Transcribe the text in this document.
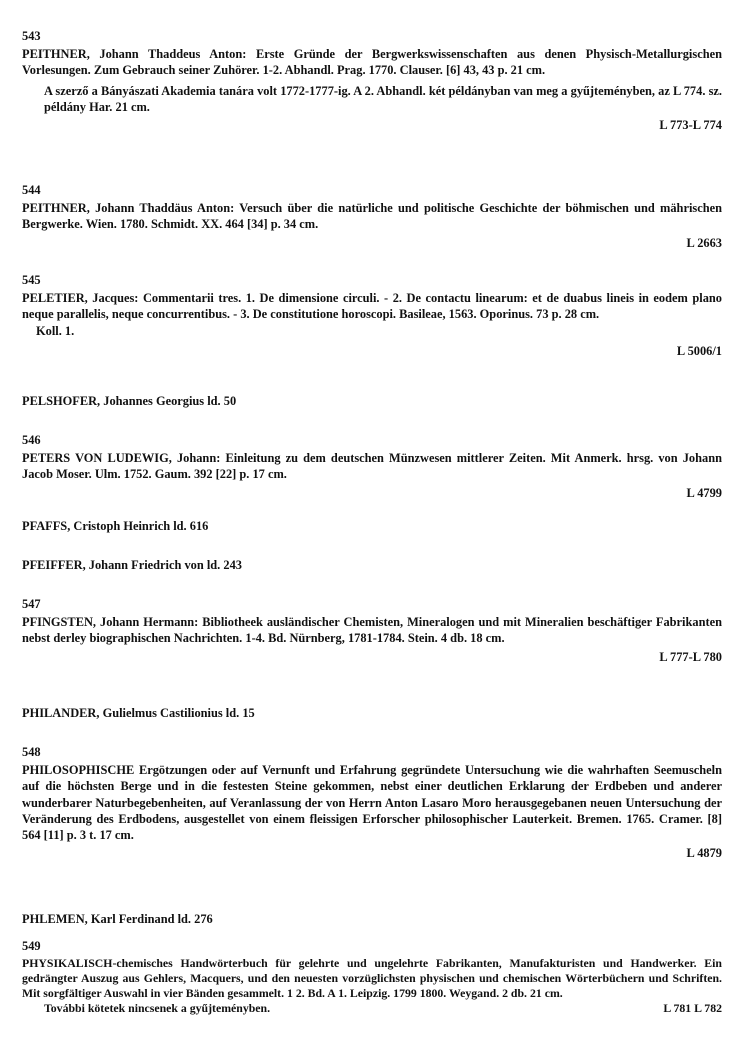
543
PEITHNER, Johann Thaddeus Anton: Erste Gründe der Bergwerkswissenschaften aus denen Physisch-Metallurgischen Vorlesungen. Zum Gebrauch seiner Zuhörer. 1-2. Abhandl. Prag. 1770. Clauser. [6] 43, 43 p. 21 cm.
A szerző a Bányászati Akademia tanára volt 1772-1777-ig. A 2. Abhandl. két példányban van meg a gyűjteményben, az L 774. sz. példány Har. 21 cm.
L 773-L 774
544
PEITHNER, Johann Thaddäus Anton: Versuch über die natürliche und politische Geschichte der böhmischen und mährischen Bergwerke. Wien. 1780. Schmidt. XX. 464 [34] p. 34 cm.
L 2663
545
PELETIER, Jacques: Commentarii tres. 1. De dimensione circuli. - 2. De contactu linearum: et de duabus lineis in eodem plano neque parallelis, neque concurrentibus. - 3. De constitutione horoscopi. Basileae, 1563. Oporinus. 73 p. 28 cm.
Koll. 1.
L 5006/1
PELSHOFER, Johannes Georgius ld. 50
546
PETERS VON LUDEWIG, Johann: Einleitung zu dem deutschen Münzwesen mittlerer Zeiten. Mit Anmerk. hrsg. von Johann Jacob Moser. Ulm. 1752. Gaum. 392 [22] p. 17 cm.
L 4799
PFAFFS, Cristoph Heinrich ld. 616
PFEIFFER, Johann Friedrich von ld. 243
547
PFINGSTEN, Johann Hermann: Bibliotheek ausländischer Chemisten, Mineralogen und mit Mineralien beschäftiger Fabrikanten nebst derley biographischen Nachrichten. 1-4. Bd. Nürnberg, 1781-1784. Stein. 4 db. 18 cm.
L 777-L 780
PHILANDER, Gulielmus Castilionius ld. 15
548
PHILOSOPHISCHE Ergötzungen oder auf Vernunft und Erfahrung gegründete Untersuchung wie die wahrhaften Seemuscheln auf die höchsten Berge und in die festesten Steine gekommen, nebst einer deutlichen Erklarung der Erdbeben und anderer wunderbarer Naturbegebenheiten, auf Veranlassung der von Herrn Anton Lasaro Moro herausgegebanen neuen Untersuchung der Veränderung des Erdbodens, ausgestellet von einem fleissigen Erforscher philosophischer Lauterkeit. Bremen. 1765. Cramer. [8] 564 [11] p. 3 t. 17 cm.
L 4879
PHLEMEN, Karl Ferdinand ld. 276
549
PHYSIKALISCH-chemisches Handwörterbuch für gelehrte und ungelehrte Fabrikanten, Manufakturisten und Handwerker. Ein gedrängter Auszug aus Gehlers, Macquers, und den neuesten vorzüglichsten physischen und chemischen Wörterbüchern und Schriften. Mit sorgfältiger Auswahl in vier Bänden gesammelt. 1 2. Bd. A 1. Leipzig. 1799 1800. Weygand. 2 db. 21 cm.
További kötetek nincsenek a gyűjteményben.	L 781 L 782
